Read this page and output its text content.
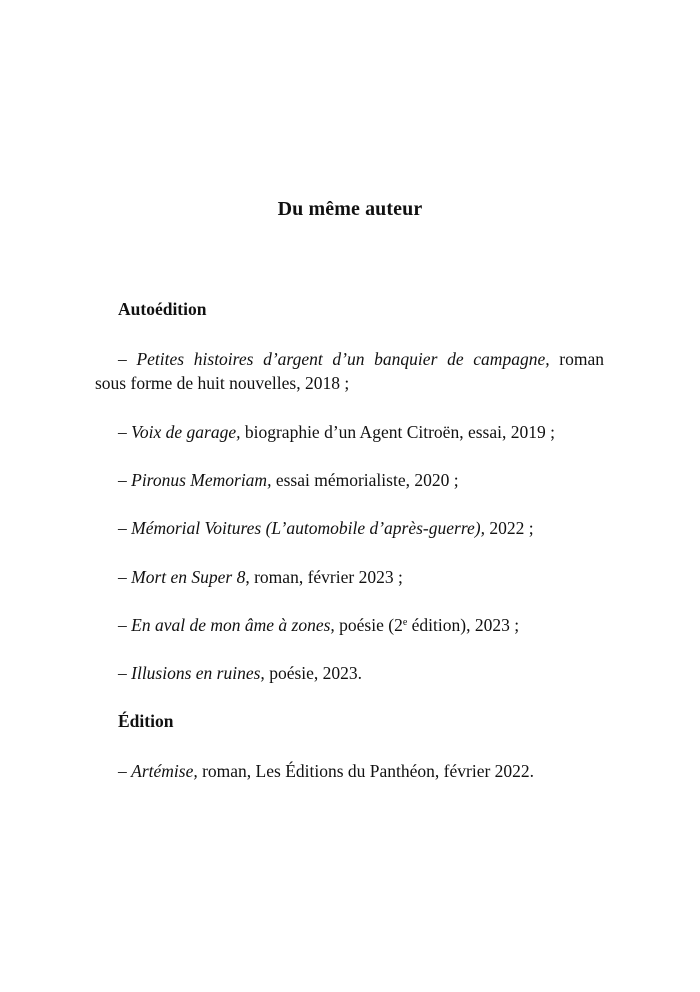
Du même auteur
Autoédition
– Petites histoires d’argent d’un banquier de campagne, roman
sous forme de huit nouvelles, 2018 ;
– Voix de garage, biographie d’un Agent Citroën, essai, 2019 ;
– Pironus Memoriam, essai mémorialiste, 2020 ;
– Mémorial Voitures (L’automobile d’après-guerre), 2022 ;
– Mort en Super 8, roman, février 2023 ;
– En aval de mon âme à zones, poésie (2e édition), 2023 ;
– Illusions en ruines, poésie, 2023.
Édition
– Artémise, roman, Les Éditions du Panthéon, février 2022.
